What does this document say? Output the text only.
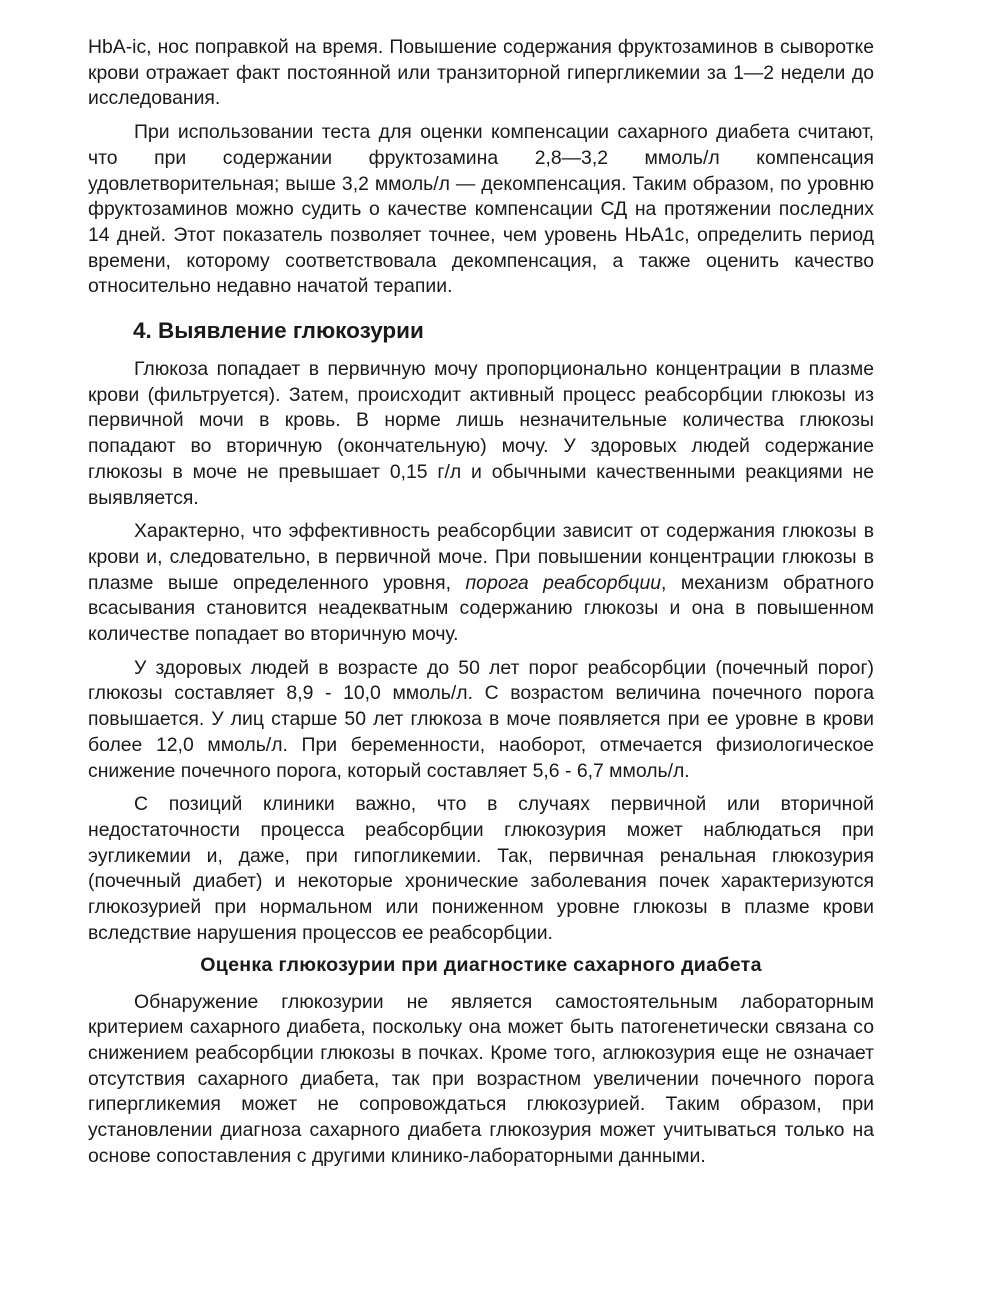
HbA-ic, нос поправкой на время. Повышение содержания фруктозаминов в сыворотке крови отражает факт постоянной или транзиторной гипергликемии за 1—2 недели до исследования.

При использовании теста для оценки компенсации сахарного диабета считают, что при содержании фруктозамина 2,8—3,2 ммоль/л компенсация удовлетворительная; выше 3,2 ммоль/л — декомпенсация. Таким образом, по уровню фруктозаминов можно судить о качестве компенсации СД на протяжении последних 14 дней. Этот показатель позволяет точнее, чем уровень НЬА1с, определить период времени, которому соответствовала декомпенсация, а также оценить качество относительно недавно начатой терапии.

4. Выявление глюкозурии

Глюкоза попадает в первичную мочу пропорционально концентрации в плазме крови (фильтруется). Затем, происходит активный процесс реабсорбции глюкозы из первичной мочи в кровь. В норме лишь незначительные количества глюкозы попадают во вторичную (окончательную) мочу. У здоровых людей содержание глюкозы в моче не превышает 0,15 г/л и обычными качественными реакциями не выявляется.

Характерно, что эффективность реабсорбции зависит от содержания глюкозы в крови и, следовательно, в первичной моче. При повышении концентрации глюкозы в плазме выше определенного уровня, порога реабсорбции, механизм обратного всасывания становится неадекватным содержанию глюкозы и она в повышенном количестве попадает во вторичную мочу.

У здоровых людей в возрасте до 50 лет порог реабсорбции (почечный порог) глюкозы составляет 8,9 - 10,0 ммоль/л. С возрастом величина почечного порога повышается. У лиц старше 50 лет глюкоза в моче появляется при ее уровне в крови более 12,0 ммоль/л. При беременности, наоборот, отмечается физиологическое снижение почечного порога, который составляет 5,6 - 6,7 ммоль/л.

С позиций клиники важно, что в случаях первичной или вторичной недостаточности процесса реабсорбции глюкозурия может наблюдаться при эугликемии и, даже, при гипогликемии. Так, первичная ренальная глюкозурия (почечный диабет) и некоторые хронические заболевания почек характеризуются глюкозурией при нормальном или пониженном уровне глюкозы в плазме крови вследствие нарушения процессов ее реабсорбции.

Оценка глюкозурии при диагностике сахарного диабета

Обнаружение глюкозурии не является самостоятельным лабораторным критерием сахарного диабета, поскольку она может быть патогенетически связана со снижением реабсорбции глюкозы в почках. Кроме того, аглюкозурия еще не означает отсутствия сахарного диабета, так при возрастном увеличении почечного порога гипергликемия может не сопровождаться глюкозурией. Таким образом, при установлении диагноза сахарного диабета глюкозурия может учитываться только на основе сопоставления с другими клинико-лабораторными данными.
